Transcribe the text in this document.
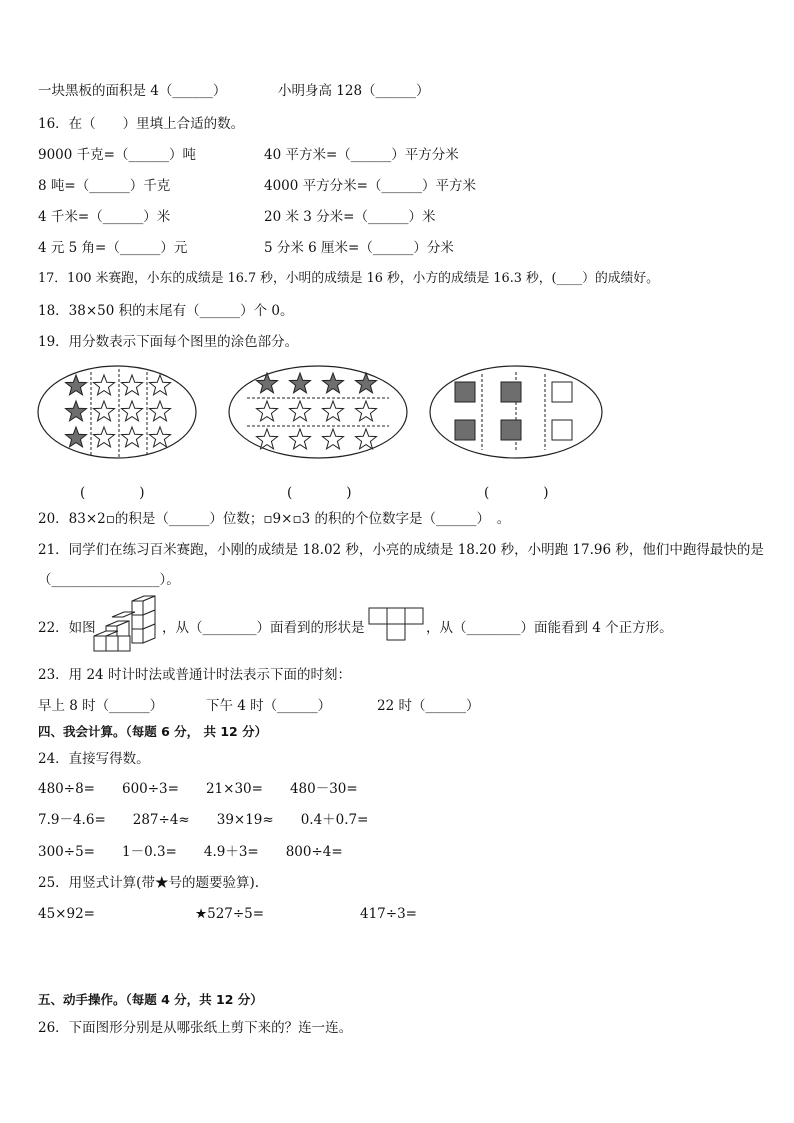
一块黑板的面积是 4（______）	小明身高 128（______）
16．在（　　）里填上合适的数。
9000 千克=（______）吨	40 平方米=（______）平方分米
8 吨=（______）千克	4000 平方分米=（______）平方米
4 千米=（______）米	20 米 3 分米=（______）米
4 元 5 角=（______）元	5 分米 6 厘米=（______）分米
17．100 米赛跑，小东的成绩是 16.7 秒，小明的成绩是 16 秒，小方的成绩是 16.3 秒，(____）的成绩好。
18．38×50 积的末尾有（______）个 0。
19．用分数表示下面每个图里的涂色部分。
(　　　　)	(　　　　)	(　　　　)
20．83×2▫的积是（______）位数；▫9×▫3 的积的个位数字是（______）　。
21．同学们在练习百米赛跑，小刚的成绩是 18.02 秒，小亮的成绩是 18.20 秒，小明跑 17.96 秒，他们中跑得最快的是
（________________）。
22．如图	，从（________）面看到的形状是	，从（________）面能看到 4 个正方形。
23．用 24 时计时法或普通计时法表示下面的时刻：
早上 8 时（______）	下午 4 时（______）	22 时（______）
四、我会计算。（每题 6 分， 共 12 分）
24．直接写得数。
480÷8=　　600÷3=　　21×30=　　480－30=
7.9－4.6=　　287÷4≈　　39×19≈　　0.4＋0.7=
300÷5=　　1－0.3=　　4.9＋3=　　800÷4=
25．用竖式计算(带★号的题要验算).
45×92=	★527÷5=	417÷3=
五、动手操作。（每题 4 分，共 12 分）
26．下面图形分别是从哪张纸上剪下来的？连一连。
